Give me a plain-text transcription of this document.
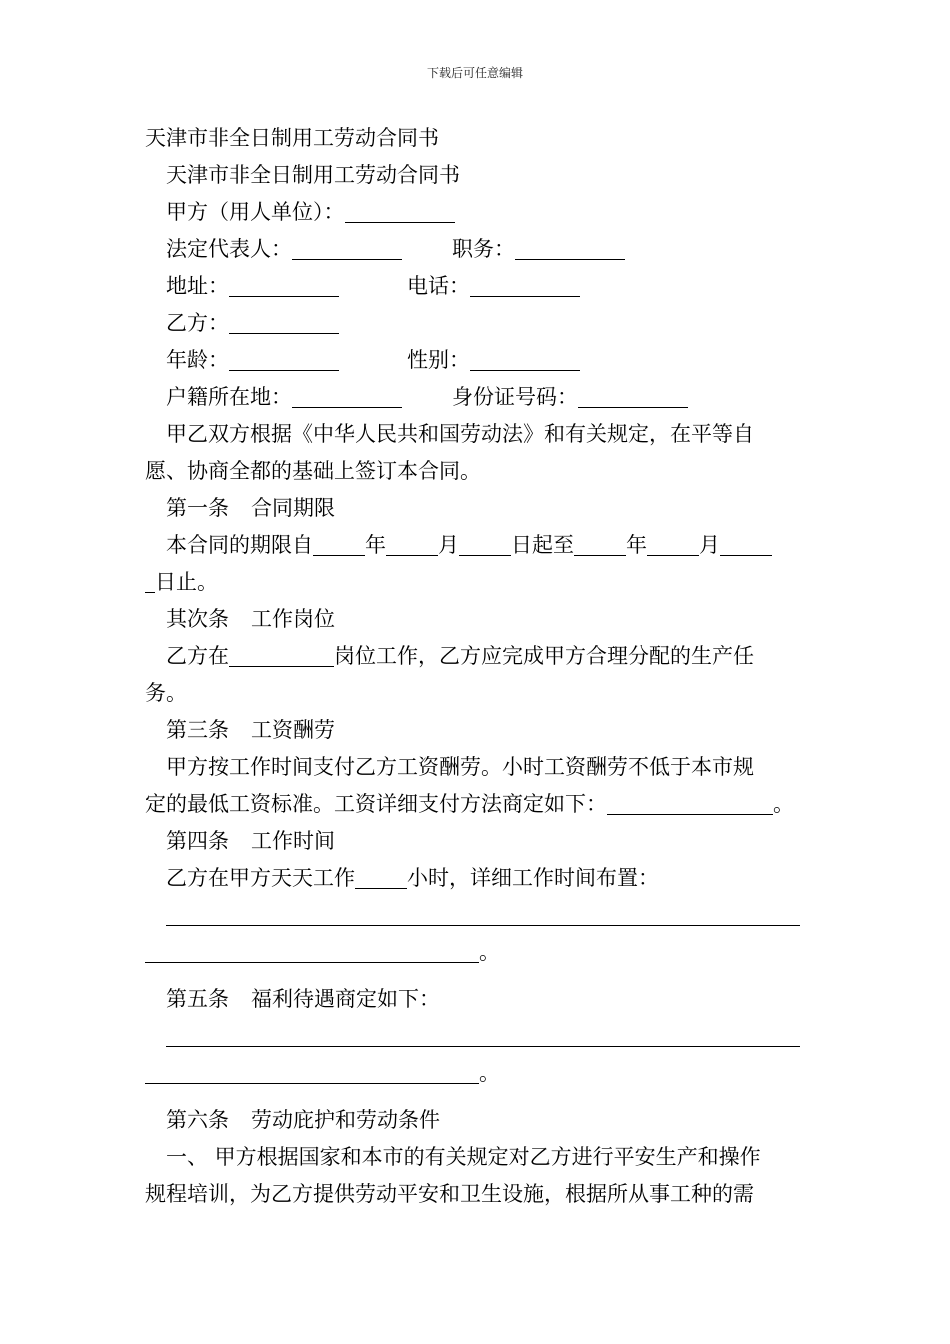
下载后可任意编辑
天津市非全日制用工劳动合同书
天津市非全日制用工劳动合同书
甲方（用人单位）：
法定代表人：	职务：
地址：	电话：
乙方：
年龄：	性别：
户籍所在地：	身份证号码：
甲乙双方根据《中华人民共和国劳动法》和有关规定，在平等自
愿、协商全都的基础上签订本合同。
第一条 合同期限
本合同的期限自 年 月 日起至 年 月
日止。
其次条 工作岗位
乙方在	岗位工作，乙方应完成甲方合理分配的生产任
务。
第三条 工资酬劳
甲方按工作时间支付乙方工资酬劳。小时工资酬劳不低于本市规
定的最低工资标准。工资详细支付方法商定如下：	。
第四条 工作时间
乙方在甲方天天工作 小时，详细工作时间布置：
。
第五条 福利待遇商定如下：
。
第六条 劳动庇护和劳动条件
一、 甲方根据国家和本市的有关规定对乙方进行平安生产和操作
规程培训，为乙方提供劳动平安和卫生设施，根据所从事工种的需
